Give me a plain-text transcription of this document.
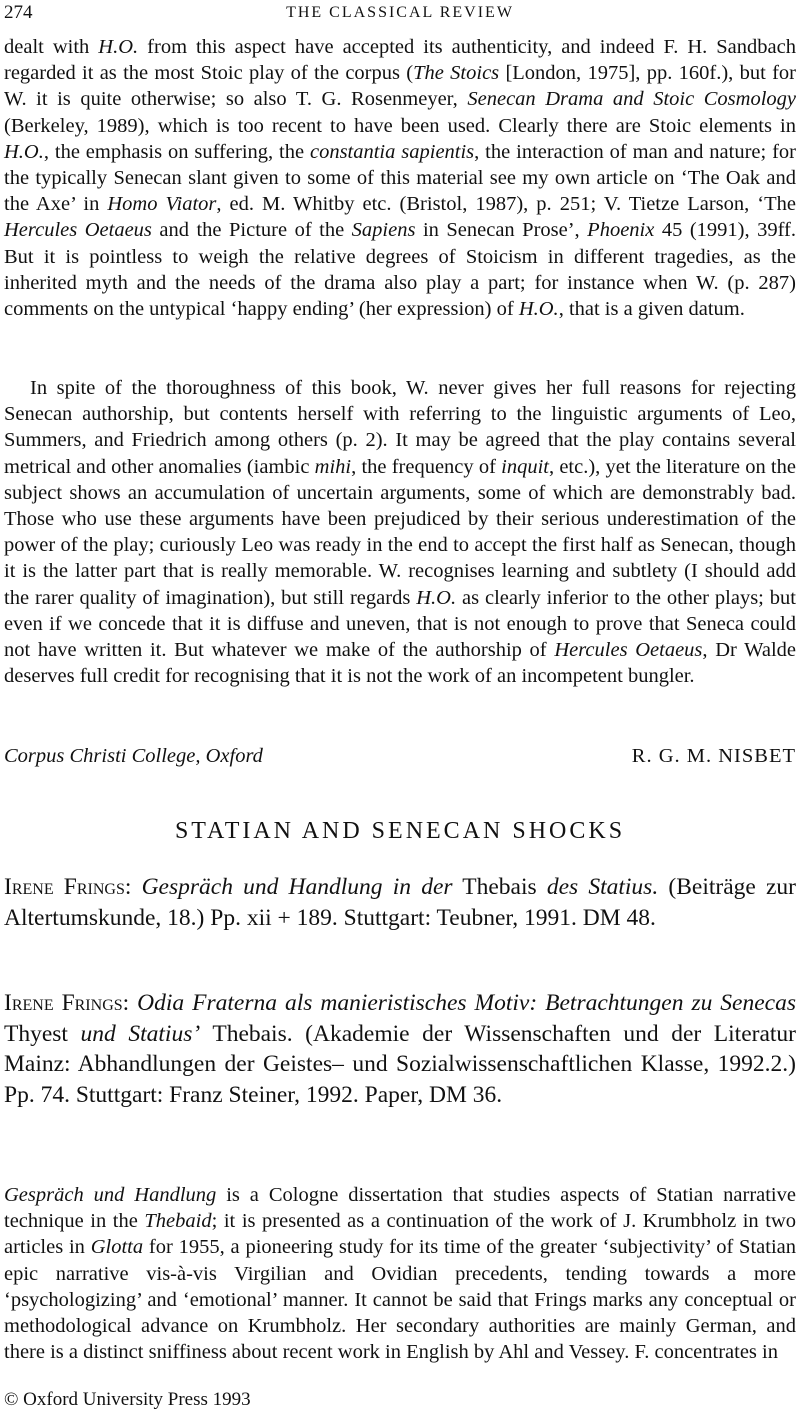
274	THE CLASSICAL REVIEW

dealt with H.O. from this aspect have accepted its authenticity, and indeed F. H. Sandbach regarded it as the most Stoic play of the corpus (The Stoics [London, 1975], pp. 160f.), but for W. it is quite otherwise; so also T. G. Rosenmeyer, Senecan Drama and Stoic Cosmology (Berkeley, 1989), which is too recent to have been used. Clearly there are Stoic elements in H.O., the emphasis on suffering, the constantia sapientis, the interaction of man and nature; for the typically Senecan slant given to some of this material see my own article on ‘The Oak and the Axe’ in Homo Viator, ed. M. Whitby etc. (Bristol, 1987), p. 251; V. Tietze Larson, ‘The Hercules Oetaeus and the Picture of the Sapiens in Senecan Prose’, Phoenix 45 (1991), 39ff. But it is pointless to weigh the relative degrees of Stoicism in different tragedies, as the inherited myth and the needs of the drama also play a part; for instance when W. (p. 287) comments on the untypical ‘happy ending’ (her expression) of H.O., that is a given datum.

In spite of the thoroughness of this book, W. never gives her full reasons for rejecting Senecan authorship, but contents herself with referring to the linguistic arguments of Leo, Summers, and Friedrich among others (p. 2). It may be agreed that the play contains several metrical and other anomalies (iambic mihi, the frequency of inquit, etc.), yet the literature on the subject shows an accumulation of uncertain arguments, some of which are demonstrably bad. Those who use these arguments have been prejudiced by their serious underestimation of the power of the play; curiously Leo was ready in the end to accept the first half as Senecan, though it is the latter part that is really memorable. W. recognises learning and subtlety (I should add the rarer quality of imagination), but still regards H.O. as clearly inferior to the other plays; but even if we concede that it is diffuse and uneven, that is not enough to prove that Seneca could not have written it. But whatever we make of the authorship of Hercules Oetaeus, Dr Walde deserves full credit for recognising that it is not the work of an incompetent bungler.

Corpus Christi College, Oxford	R. G. M. NISBET
STATIAN AND SENECAN SHOCKS

Irene Frings: Gespräch und Handlung in der Thebais des Statius. (Beiträge zur Altertumskunde, 18.) Pp. xii + 189. Stuttgart: Teubner, 1991. DM 48.

Irene Frings: Odia Fraterna als manieristisches Motiv: Betrachtungen zu Senecas Thyest und Statius’ Thebais. (Akademie der Wissenschaften und der Literatur Mainz: Abhandlungen der Geistes– und Sozialwissenschaftlichen Klasse, 1992.2.) Pp. 74. Stuttgart: Franz Steiner, 1992. Paper, DM 36.

Gespräch und Handlung is a Cologne dissertation that studies aspects of Statian narrative technique in the Thebaid; it is presented as a continuation of the work of J. Krumbholz in two articles in Glotta for 1955, a pioneering study for its time of the greater ‘subjectivity’ of Statian epic narrative vis-à-vis Virgilian and Ovidian precedents, tending towards a more ‘psychologizing’ and ‘emotional’ manner. It cannot be said that Frings marks any conceptual or methodological advance on Krumbholz. Her secondary authorities are mainly German, and there is a distinct sniffiness about recent work in English by Ahl and Vessey. F. concentrates in

© Oxford University Press 1993
